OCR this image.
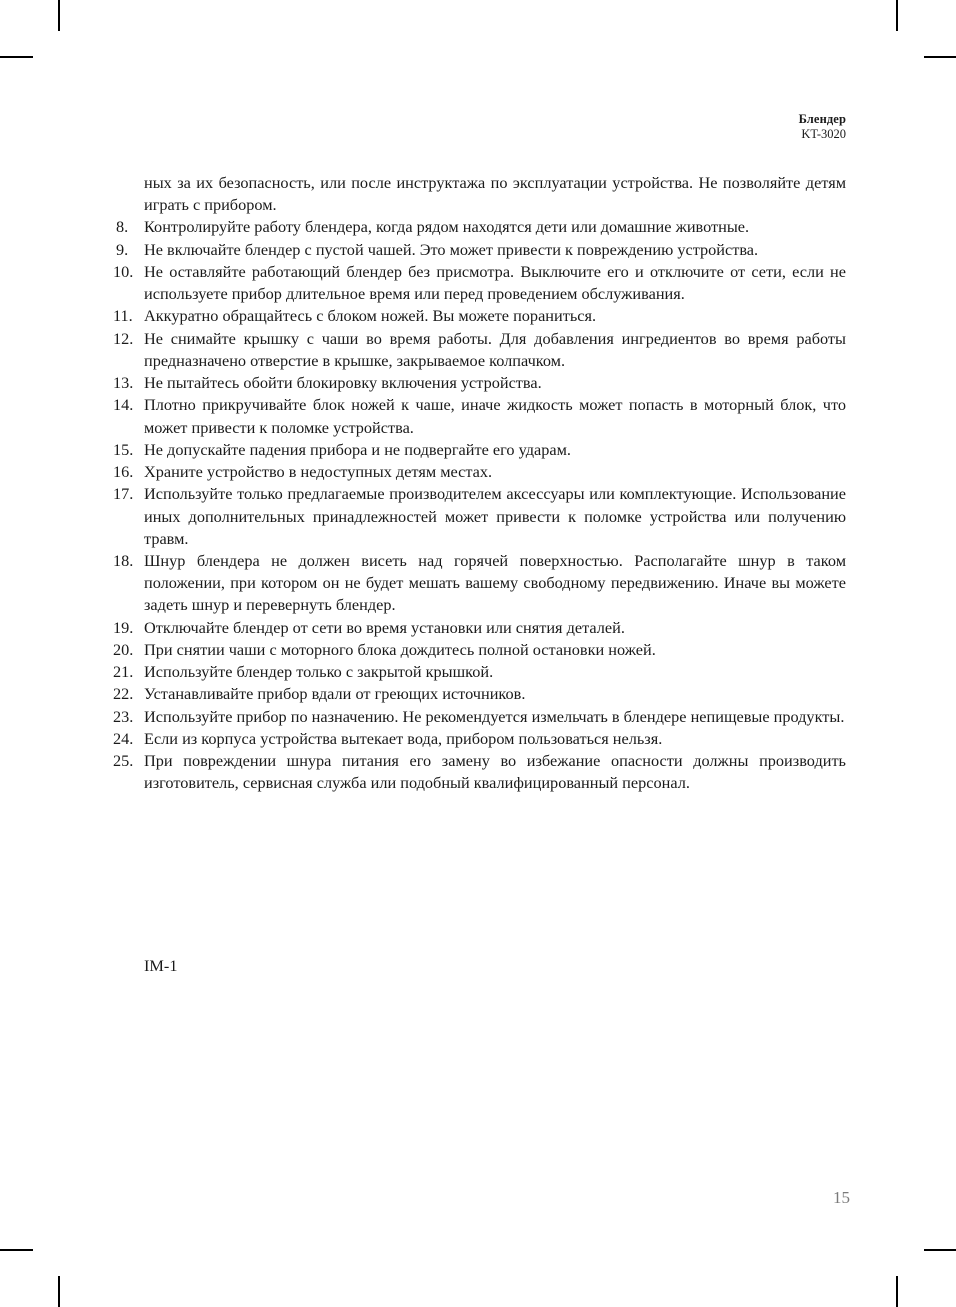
Блендер
KT-3020

ных за их безопасность, или после инструктажа по эксплуатации устройства. Не позволяйте детям играть с прибором.

8. Контролируйте работу блендера, когда рядом находятся дети или домашние животные.
9. Не включайте блендер с пустой чашей. Это может привести к повреждению устройства.
10. Не оставляйте работающий блендер без присмотра. Выключите его и отключите от сети, если не используете прибор длительное время или перед проведением обслуживания.
11. Аккуратно обращайтесь с блоком ножей. Вы можете пораниться.
12. Не снимайте крышку с чаши во время работы. Для добавления ингредиентов во время работы предназначено отверстие в крышке, закрываемое колпачком.
13. Не пытайтесь обойти блокировку включения устройства.
14. Плотно прикручивайте блок ножей к чаше, иначе жидкость может попасть в моторный блок, что может привести к поломке устройства.
15. Не допускайте падения прибора и не подвергайте его ударам.
16. Храните устройство в недоступных детям местах.
17. Используйте только предлагаемые производителем аксессуары или комплектующие. Использование иных дополнительных принадлежностей может привести к поломке устройства или получению травм.
18. Шнур блендера не должен висеть над горячей поверхностью. Располагайте шнур в таком положении, при котором он не будет мешать вашему свободному передвижению. Иначе вы можете задеть шнур и перевернуть блендер.
19. Отключайте блендер от сети во время установки или снятия деталей.
20. При снятии чаши с моторного блока дождитесь полной остановки ножей.
21. Используйте блендер только с закрытой крышкой.
22. Устанавливайте прибор вдали от греющих источников.
23. Используйте прибор по назначению. Не рекомендуется измельчать в блендере непищевые продукты.
24. Если из корпуса устройства вытекает вода, прибором пользоваться нельзя.
25. При повреждении шнура питания его замену во избежание опасности должны производить изготовитель, сервисная служба или подобный квалифицированный персонал.
IM-1
15
